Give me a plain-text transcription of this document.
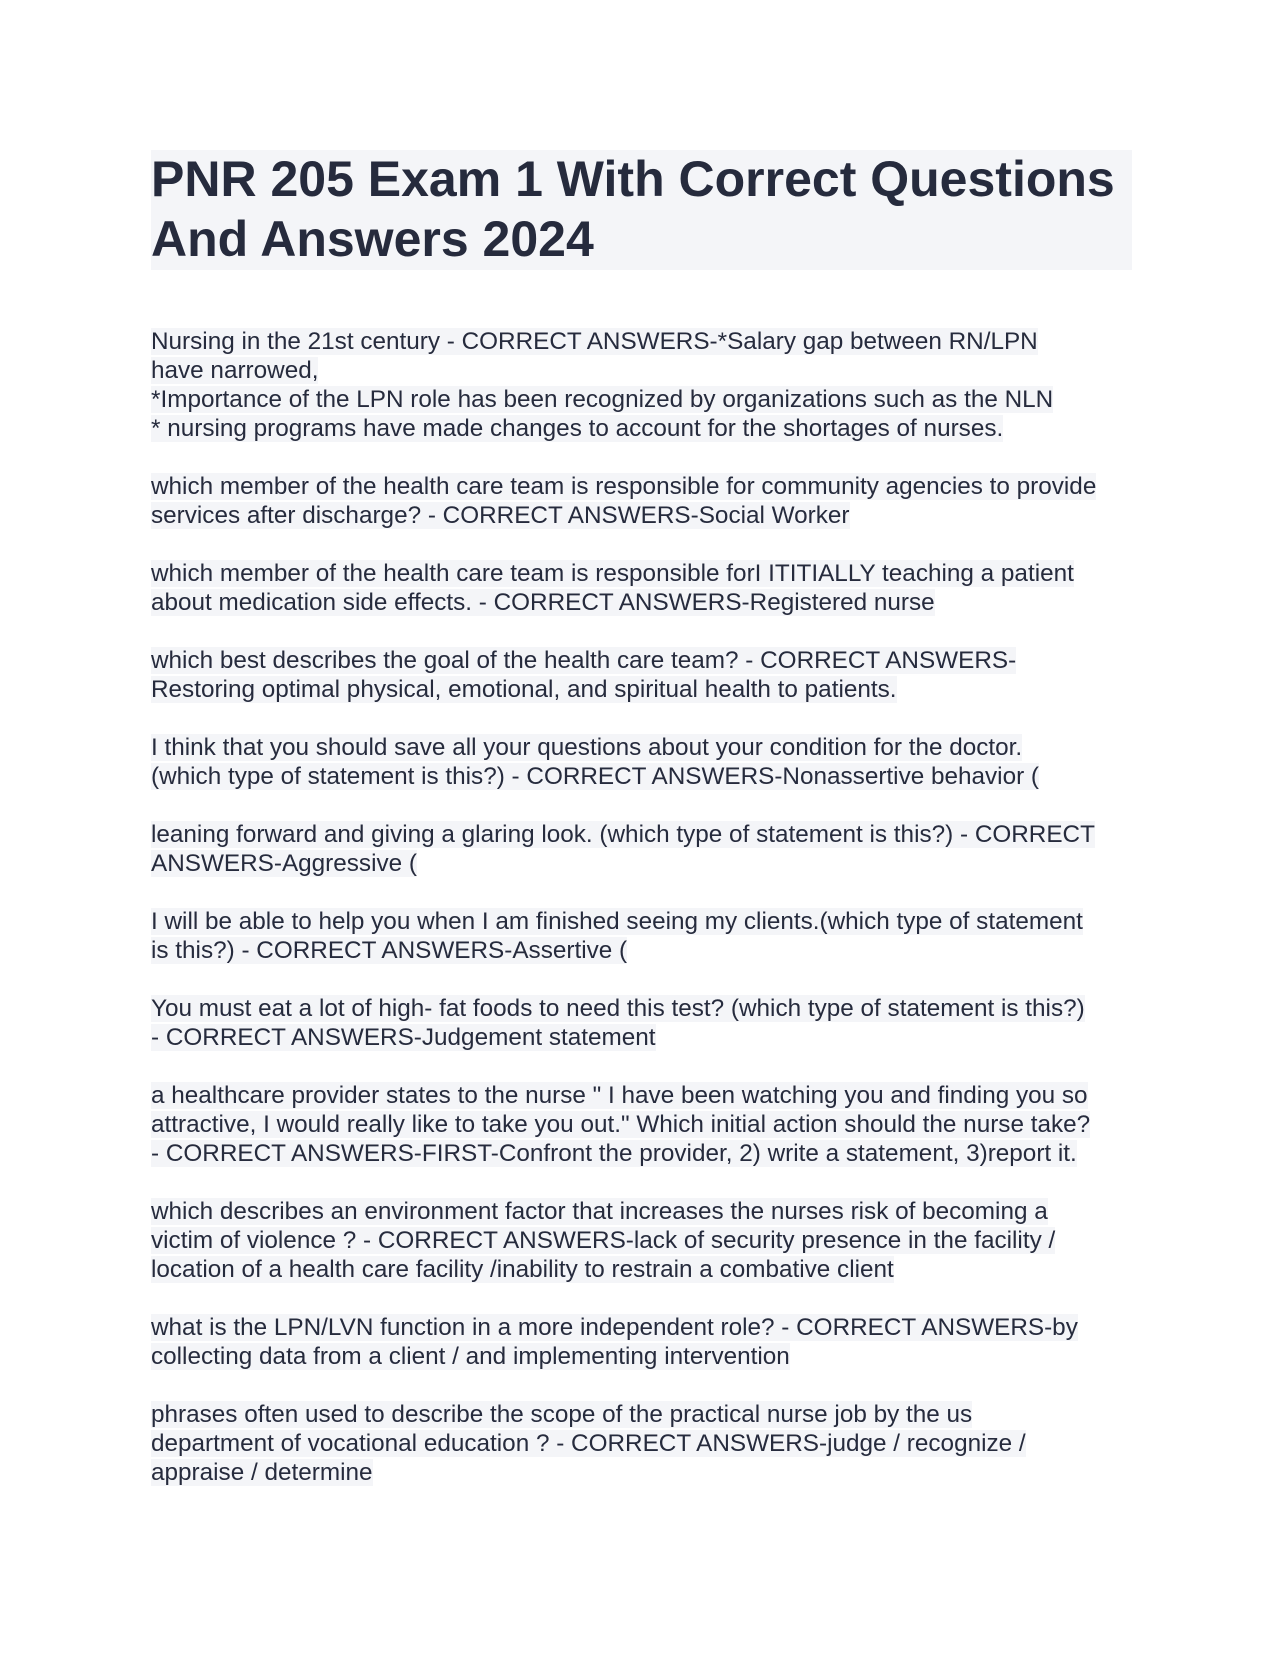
PNR 205 Exam 1 With Correct Questions
And Answers 2024

Nursing in the 21st century - CORRECT ANSWERS-*Salary gap between RN/LPN
have narrowed,
*Importance of the LPN role has been recognized by organizations such as the NLN
* nursing programs have made changes to account for the shortages of nurses.

which member of the health care team is responsible for community agencies to provide
services after discharge? - CORRECT ANSWERS-Social Worker

which member of the health care team is responsible forI ITITIALLY teaching a patient
about medication side effects. - CORRECT ANSWERS-Registered nurse

which best describes the goal of the health care team? - CORRECT ANSWERS-
Restoring optimal physical, emotional, and spiritual health to patients.

I think that you should save all your questions about your condition for the doctor.
(which type of statement is this?) - CORRECT ANSWERS-Nonassertive behavior (

leaning forward and giving a glaring look. (which type of statement is this?) - CORRECT
ANSWERS-Aggressive (

I will be able to help you when I am finished seeing my clients.(which type of statement
is this?) - CORRECT ANSWERS-Assertive (

You must eat a lot of high- fat foods to need this test? (which type of statement is this?)
- CORRECT ANSWERS-Judgement statement

a healthcare provider states to the nurse " I have been watching you and finding you so
attractive, I would really like to take you out." Which initial action should the nurse take?
- CORRECT ANSWERS-FIRST-Confront the provider, 2) write a statement, 3)report it.

which describes an environment factor that increases the nurses risk of becoming a
victim of violence ? - CORRECT ANSWERS-lack of security presence in the facility /
location of a health care facility /inability to restrain a combative client

what is the LPN/LVN function in a more independent role? - CORRECT ANSWERS-by
collecting data from a client / and implementing intervention

phrases often used to describe the scope of the practical nurse job by the us
department of vocational education ? - CORRECT ANSWERS-judge / recognize /
appraise / determine
